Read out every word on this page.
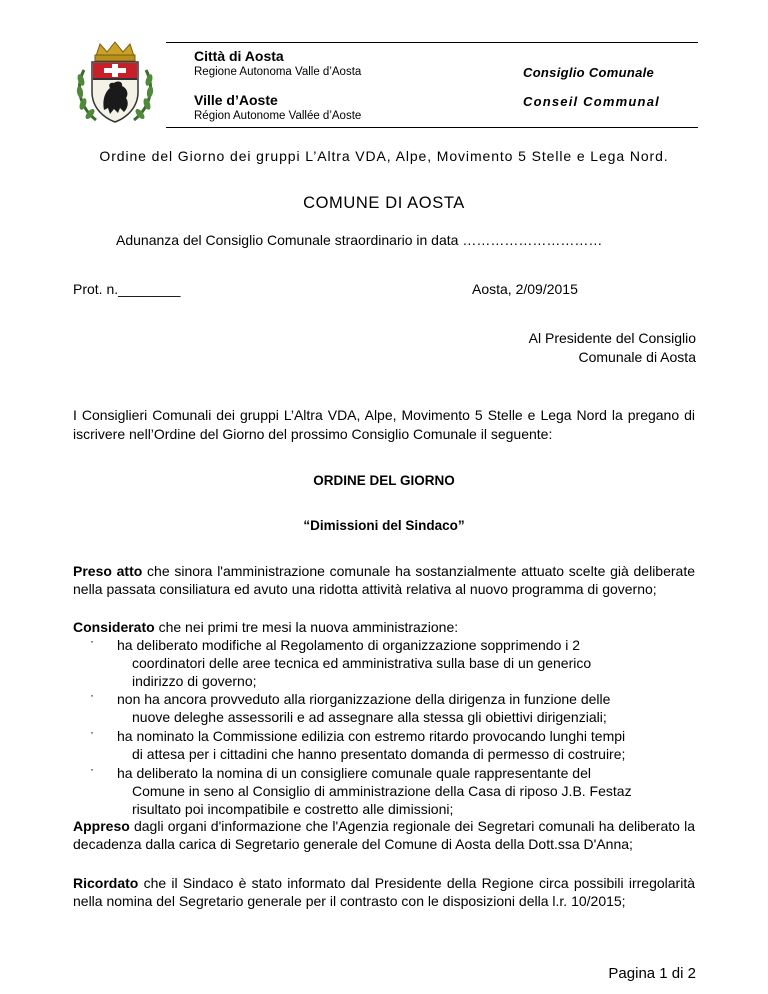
Città di Aosta
Regione Autonoma Valle d’Aosta	Consiglio Comunale
Ville d’Aoste
Région Autonome Vallée d’Aoste
Conseil Communal
Ordine del Giorno dei gruppi L’Altra VDA, Alpe, Movimento 5 Stelle e Lega Nord.
COMUNE DI AOSTA
Adunanza del Consiglio Comunale straordinario in data …………………………
Prot. n.________	Aosta, 2/09/2015
Al Presidente del Consiglio
Comunale di Aosta
I Consiglieri Comunali dei gruppi L’Altra VDA, Alpe, Movimento 5 Stelle e Lega Nord la pregano di iscrivere nell’Ordine del Giorno del prossimo Consiglio Comunale il seguente:
ORDINE DEL GIORNO
“Dimissioni del Sindaco”
Preso atto che sinora l'amministrazione comunale ha sostanzialmente attuato scelte già deliberate nella passata consiliatura ed avuto una ridotta attività relativa al nuovo programma di governo;
Considerato che nei primi tre mesi la nuova amministrazione:
·	ha deliberato modifiche al Regolamento di organizzazione sopprimendo i 2
coordinatori delle aree tecnica ed amministrativa sulla base di un generico
indirizzo di governo;
·	non ha ancora provveduto alla riorganizzazione della dirigenza in funzione delle
nuove deleghe assessorili e ad assegnare alla stessa gli obiettivi dirigenziali;
·	ha nominato la Commissione edilizia con estremo ritardo provocando lunghi tempi
di attesa per i cittadini che hanno presentato domanda di permesso di costruire;
·	ha deliberato la nomina di un consigliere comunale quale rappresentante del
Comune in seno al Consiglio di amministrazione della Casa di riposo J.B. Festaz
risultato poi incompatibile e costretto alle dimissioni;
Appreso dagli organi d'informazione che l'Agenzia regionale dei Segretari comunali ha deliberato la decadenza dalla carica di Segretario generale del Comune di Aosta della Dott.ssa D'Anna;
Ricordato che il Sindaco è stato informato dal Presidente della Regione circa possibili irregolarità nella nomina del Segretario generale per il contrasto con le disposizioni della l.r. 10/2015;
Pagina 1 di 2
